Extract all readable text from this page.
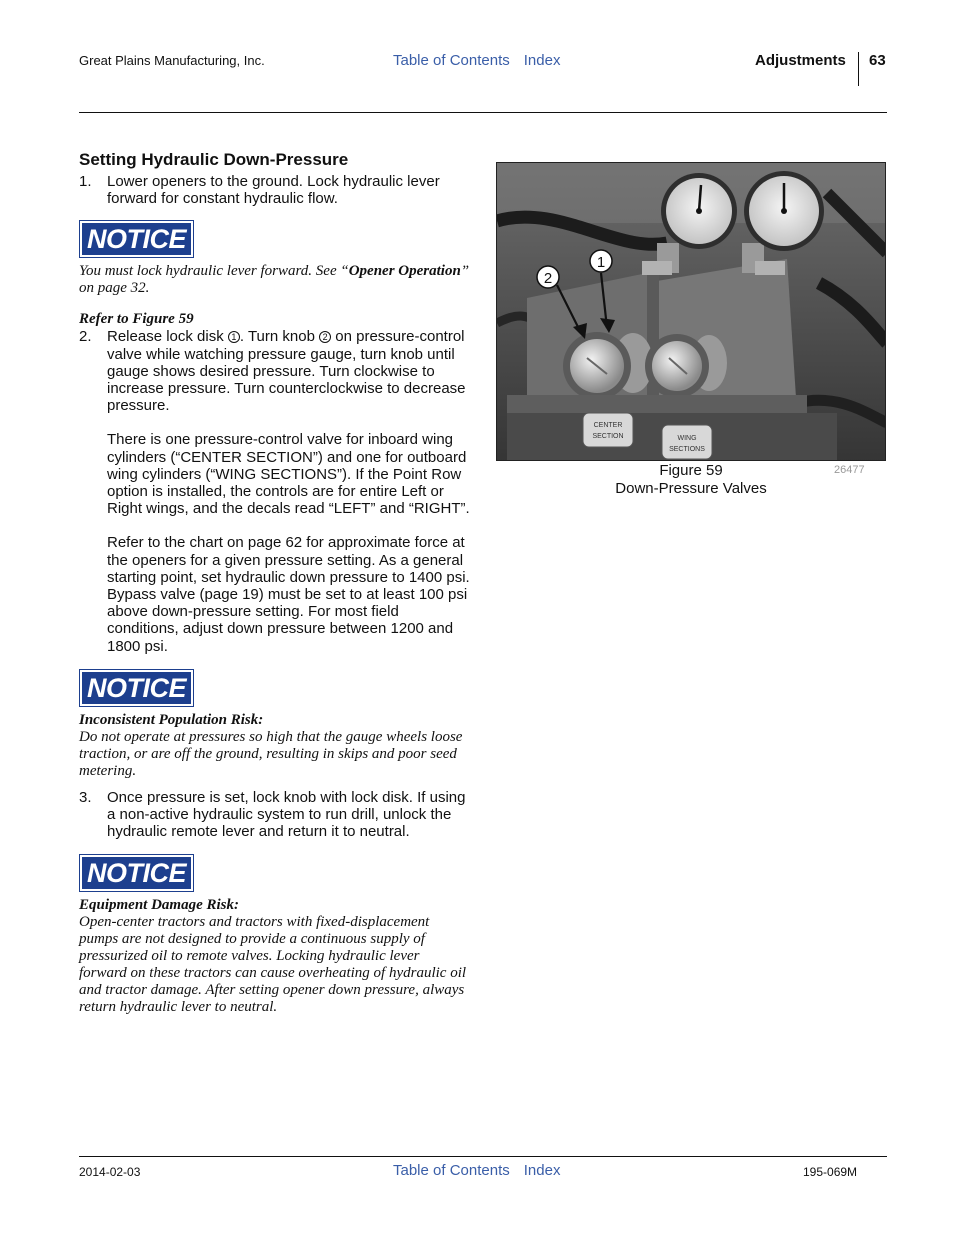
Great Plains Manufacturing, Inc.	Table of Contents Index	Adjustments 63
Setting Hydraulic Down-Pressure
1.	Lower openers to the ground. Lock hydraulic lever forward for constant hydraulic flow.

NOTICE

You must lock hydraulic lever forward. See “Opener Operation” on page 32.

Refer to Figure 59

2.	Release lock disk 1 . Turn knob 2 on pressure-control valve while watching pressure gauge, turn knob until gauge shows desired pressure. Turn clockwise to increase pressure. Turn counterclockwise to decrease pressure.

There is one pressure-control valve for inboard wing cylinders (“CENTER SECTION”) and one for outboard wing cylinders (“WING SECTIONS”). If the Point Row option is installed, the controls are for entire Left or Right wings, and the decals read “LEFT” and “RIGHT”.

Refer to the chart on page 62 for approximate force at the openers for a given pressure setting. As a general starting point, set hydraulic down pressure to 1400 psi. Bypass valve (page 19) must be set to at least 100 psi above down-pressure setting. For most field conditions, adjust down pressure between 1200 and 1800 psi.

NOTICE

Inconsistent Population Risk:

Do not operate at pressures so high that the gauge wheels loose traction, or are off the ground, resulting in skips and poor seed metering.

3.	Once pressure is set, lock knob with lock disk. If using a non-active hydraulic system to run drill, unlock the hydraulic remote lever and return it to neutral.

NOTICE

Equipment Damage Risk:

Open-center tractors and tractors with fixed-displacement pumps are not designed to provide a continuous supply of pressurized oil to remote valves. Locking hydraulic lever forward on these tractors can cause overheating of hydraulic oil and tractor damage. After setting opener down pressure, always return hydraulic lever to neutral.

CENTER
SECTION	WING
SECTIONS
1
2
Figure 59
Down-Pressure Valves
26477
2014-02-03	Table of Contents Index	195-069M
